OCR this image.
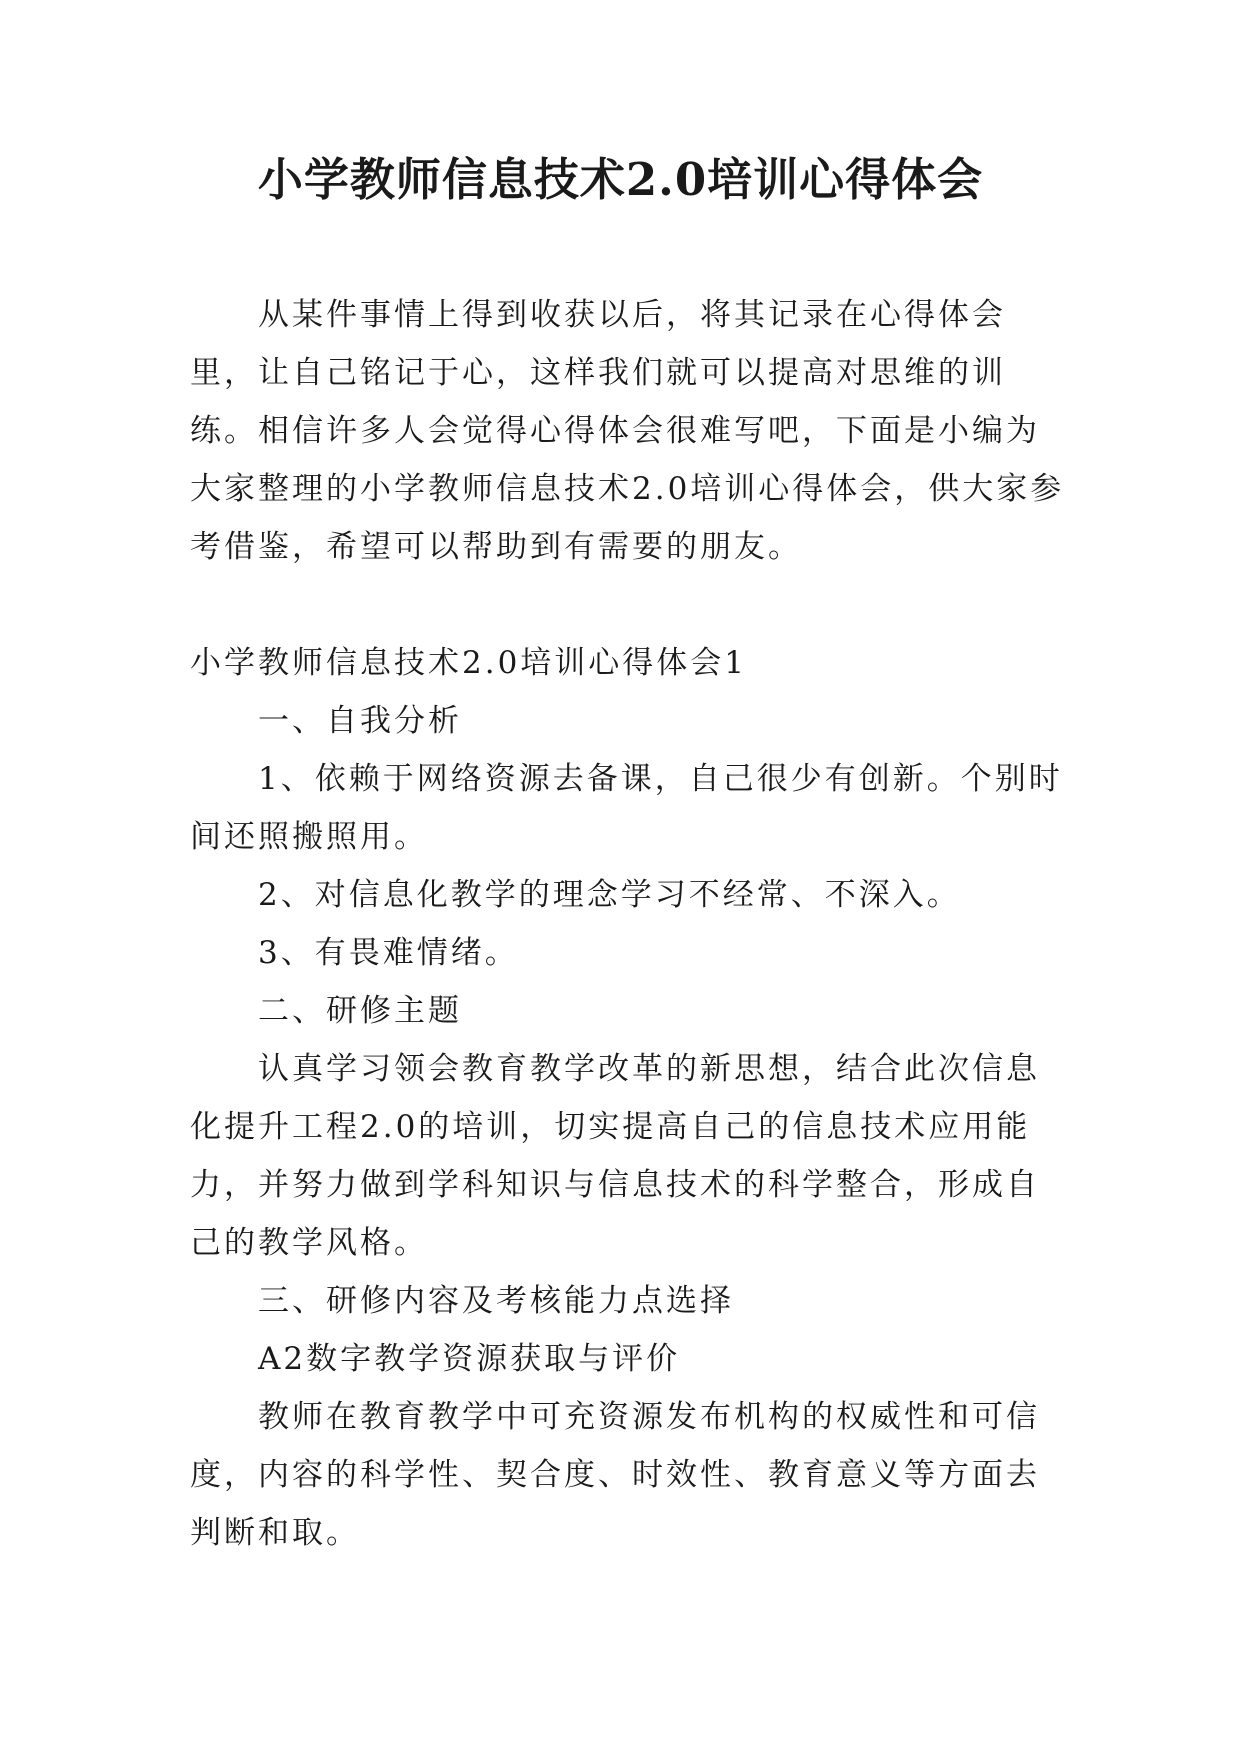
小学教师信息技术2.0培训心得体会

从某件事情上得到收获以后，将其记录在心得体会里，让自己铭记于心，这样我们就可以提高对思维的训练。相信许多人会觉得心得体会很难写吧，下面是小编为大家整理的小学教师信息技术2.0培训心得体会，供大家参考借鉴，希望可以帮助到有需要的朋友。

小学教师信息技术2.0培训心得体会1

一、自我分析

1、依赖于网络资源去备课，自己很少有创新。个别时间还照搬照用。

2、对信息化教学的理念学习不经常、不深入。

3、有畏难情绪。

二、研修主题

认真学习领会教育教学改革的新思想，结合此次信息化提升工程2.0的培训，切实提高自己的信息技术应用能力，并努力做到学科知识与信息技术的科学整合，形成自己的教学风格。

三、研修内容及考核能力点选择

A2数字教学资源获取与评价

教师在教育教学中可充资源发布机构的权威性和可信度，内容的科学性、契合度、时效性、教育意义等方面去判断和取。
